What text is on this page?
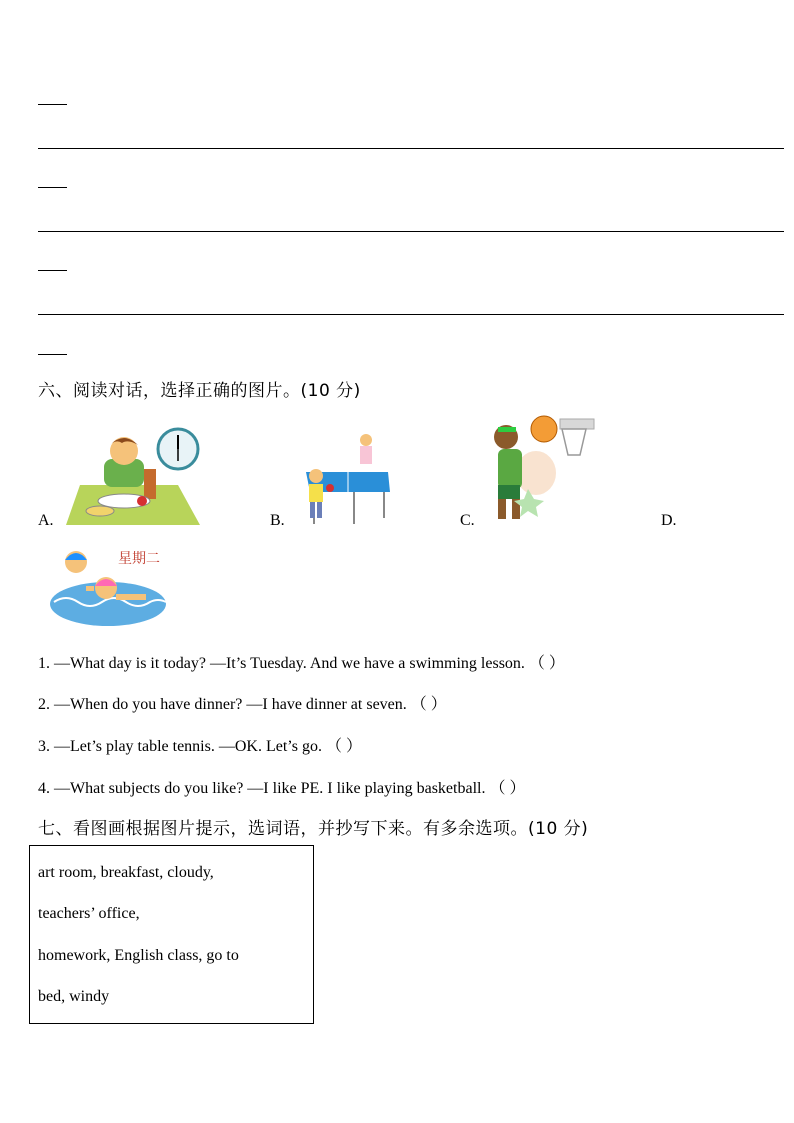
六、阅读对话，选择正确的图片。(10 分)
A.	B.	C.	D.
星期二
1. —What day is it today? —It’s Tuesday. And we have a swimming lesson. （ ）
2. —When do you have dinner? —I have dinner at seven. （ ）
3. —Let’s play table tennis. —OK. Let’s go. （ ）
4. —What subjects do you like? —I like PE. I like playing basketball. （ ）
七、看图画根据图片提示，选词语，并抄写下来。有多余选项。(10 分)
art room, breakfast, cloudy,
teachers’ office,
homework, English class, go to
bed, windy
